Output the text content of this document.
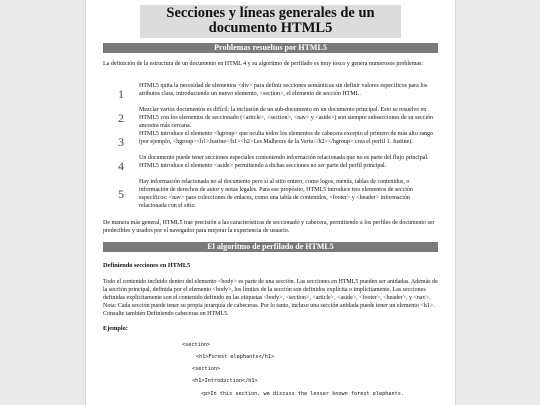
Secciones y líneas generales de un documento HTML5
Problemas resueltos por HTML5

La definición de la estructura de un documento en HTML 4 y su algoritmo de perfilado es muy tosco y genera numerosos problemas:

1

HTML5 quita la necesidad de elementos <div> para definir secciones semánticas sin definir valores específicos para los atributos class, introduciendo un nuevo elemento, <section>, el elemento de sección HTML.

2

Mezclar varios documentos es difícil: la inclusión de un sub-documento en un documento principal. Esto se resuelve en HTML5 con los elementos de seccionado (<article>, <section>, <nav> y <aside>) son siempre subsecciones de su sección ancestra más cercana.

3

HTML5 introduce el elemento <hgroup> que oculta todos los elementos de cabecera excepto el primero de más alto rango (por ejemplo, <hgroup><h1>Justine</h1><h2>Les Malheurs de la Vertu</h2></hgroup> crea el perfil 1. Justine).

4

Un documento puede tener secciones especiales conteniendo información relacionada que no es parte del flujo principal. HTML5 introduce el elemento <aside> permitiendo a dichas secciones no ser parte del perfil principal.

5

Hay información relacionada no al documento pero sí al sitio entero, como logos, menús, tablas de contenidos, o información de derechos de autor y notas legales. Para ese propósito, HTML5 introduce tres elementos de sección específicos: <nav> para colecciones de enlaces, como una tabla de contenidos, <footer> y <header> información relacionada con el sitio.

De manera más general, HTML5 trae precisión a las características de seccionado y cabecera, permitiendo a los perfiles de documento ser predecibles y usados por el navegador para mejorar la experiencia de usuario.

El algoritmo de perfilado de HTML5
Definiendo secciones en HTML5

Todo el contenido incluido dentro del elemento <body> es parte de una sección. Las secciones en HTML5 pueden ser anidadas. Además de la sección principal, definida por el elemento <body>, los límites de la sección son definidos explícita o implícitamente. Las secciones definidas explícitamente son el contenido definido en las etiquetas <body>, <section>, <article>, <aside>, <footer>, <header>, y <nav>. Nota: Cada sección puede tener su propia jerarquía de cabeceras. Por lo tanto, incluso una sección anidada puede tener un elemento <h1>. Consulte también Definiendo cabeceras en HTML5.

Ejemplo:
<section>
<h1>Forest elephants</h1>
<section>
<h1>Introduction</h1>
<p>In this section, we discuss the lesser known forest elephants.
